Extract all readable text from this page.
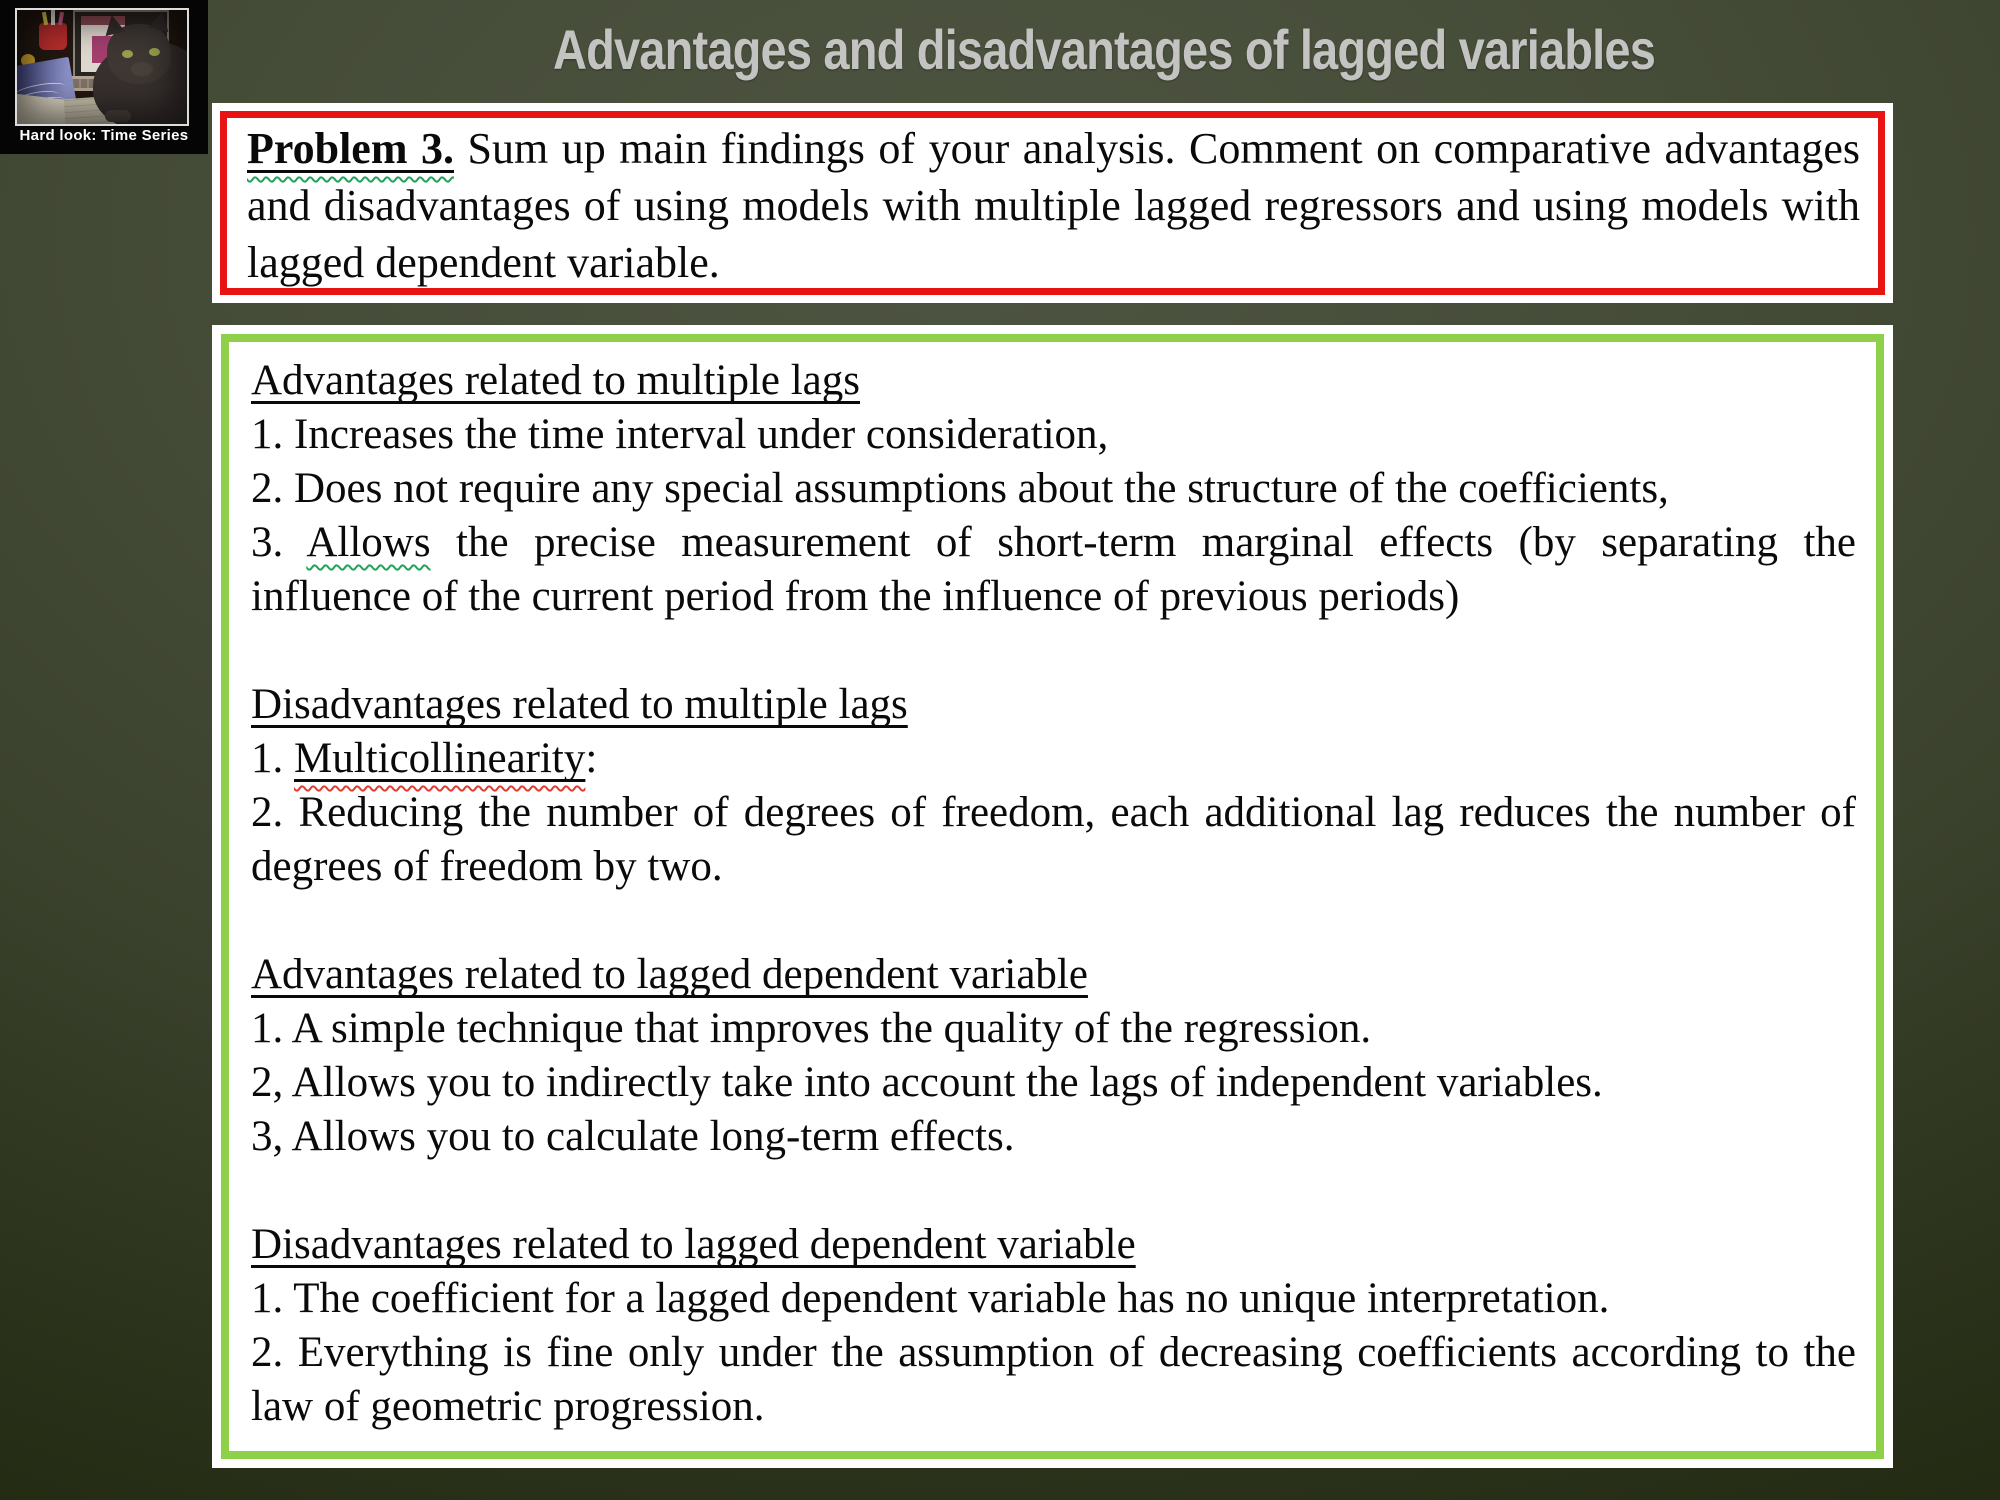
Hard look: Time Series
Advantages and disadvantages of lagged variables

Problem 3. Sum up main findings of your analysis. Comment on comparative advantages and disadvantages of using models with multiple lagged regressors and using models with lagged dependent variable.

Advantages related to multiple lags

1. Increases the time interval under consideration,

2. Does not require any special assumptions about the structure of the coefficients,

3. Allows the precise measurement of short-term marginal effects (by separating the influence of the current period from the influence of previous periods)

Disadvantages related to multiple lags

1. Multicollinearity:

2. Reducing the number of degrees of freedom, each additional lag reduces the number of degrees of freedom by two.

Advantages related to lagged dependent variable

1. A simple technique that improves the quality of the regression.

2, Allows you to indirectly take into account the lags of independent variables.

3, Allows you to calculate long-term effects.

Disadvantages related to lagged dependent variable

1. The coefficient for a lagged dependent variable has no unique interpretation.

2. Everything is fine only under the assumption of decreasing coefficients according to the law of geometric progression.
